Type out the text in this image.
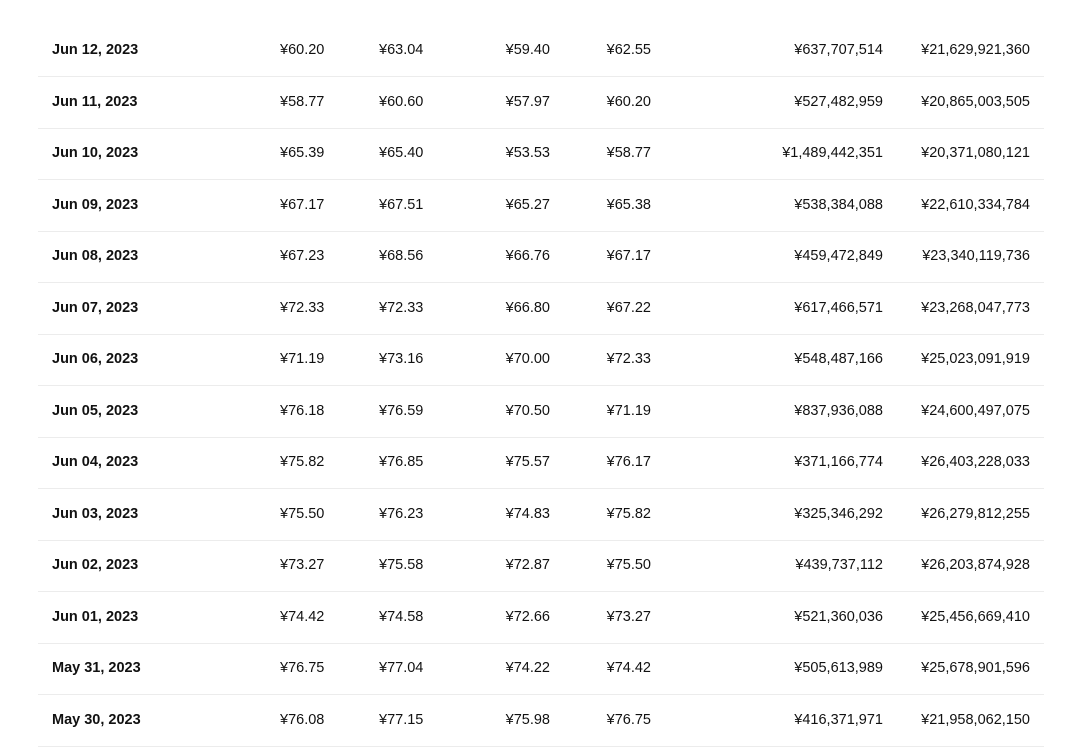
Jun 12, 2023	¥60.20	¥63.04	¥59.40	¥62.55	¥637,707,514	¥21,629,921,360
Jun 11, 2023	¥58.77	¥60.60	¥57.97	¥60.20	¥527,482,959	¥20,865,003,505
Jun 10, 2023	¥65.39	¥65.40	¥53.53	¥58.77	¥1,489,442,351	¥20,371,080,121
Jun 09, 2023	¥67.17	¥67.51	¥65.27	¥65.38	¥538,384,088	¥22,610,334,784
Jun 08, 2023	¥67.23	¥68.56	¥66.76	¥67.17	¥459,472,849	¥23,340,119,736
Jun 07, 2023	¥72.33	¥72.33	¥66.80	¥67.22	¥617,466,571	¥23,268,047,773
Jun 06, 2023	¥71.19	¥73.16	¥70.00	¥72.33	¥548,487,166	¥25,023,091,919
Jun 05, 2023	¥76.18	¥76.59	¥70.50	¥71.19	¥837,936,088	¥24,600,497,075
Jun 04, 2023	¥75.82	¥76.85	¥75.57	¥76.17	¥371,166,774	¥26,403,228,033
Jun 03, 2023	¥75.50	¥76.23	¥74.83	¥75.82	¥325,346,292	¥26,279,812,255
Jun 02, 2023	¥73.27	¥75.58	¥72.87	¥75.50	¥439,737,112	¥26,203,874,928
Jun 01, 2023	¥74.42	¥74.58	¥72.66	¥73.27	¥521,360,036	¥25,456,669,410
May 31, 2023	¥76.75	¥77.04	¥74.22	¥74.42	¥505,613,989	¥25,678,901,596
May 30, 2023	¥76.08	¥77.15	¥75.98	¥76.75	¥416,371,971	¥21,958,062,150
